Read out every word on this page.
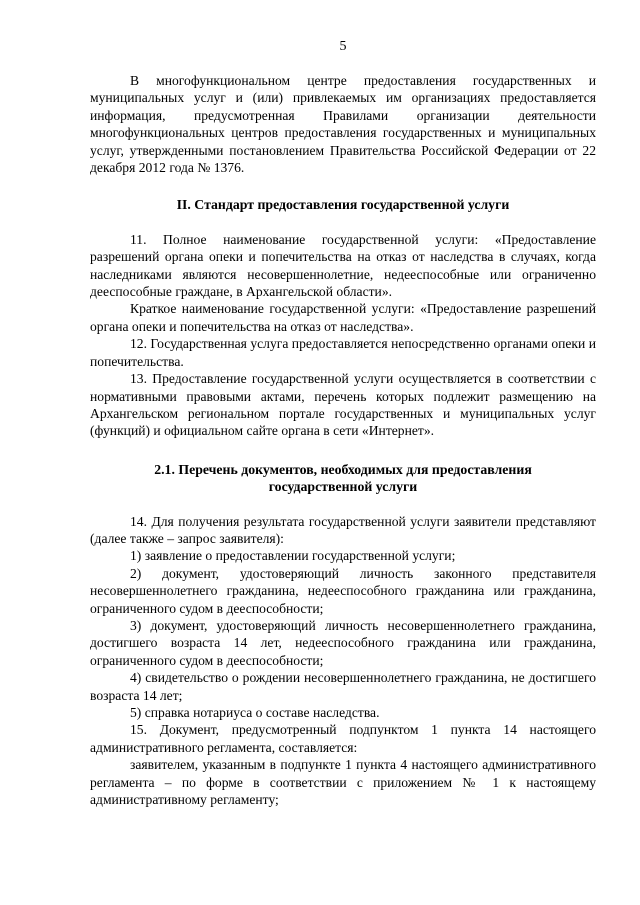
5

В многофункциональном центре предоставления государственных и муниципальных услуг и (или) привлекаемых им организациях предоставляется информация, предусмотренная Правилами организации деятельности многофункциональных центров предоставления государственных и муниципальных услуг, утвержденными постановлением Правительства Российской Федерации от 22 декабря 2012 года № 1376.

II. Стандарт предоставления государственной услуги

11. Полное наименование государственной услуги: «Предоставление разрешений органа опеки и попечительства на отказ от наследства в случаях, когда наследниками являются несовершеннолетние, недееспособные или ограниченно дееспособные граждане, в Архангельской области».

Краткое наименование государственной услуги: «Предоставление разрешений органа опеки и попечительства на отказ от наследства».

12. Государственная услуга предоставляется непосредственно органами опеки и попечительства.

13. Предоставление государственной услуги осуществляется в соответствии с нормативными правовыми актами, перечень которых подлежит размещению на Архангельском региональном портале государственных и муниципальных услуг (функций) и официальном сайте органа в сети «Интернет».

2.1. Перечень документов, необходимых для предоставления
государственной услуги

14. Для получения результата государственной услуги заявители представляют (далее также – запрос заявителя):

1) заявление о предоставлении государственной услуги;

2) документ, удостоверяющий личность законного представителя несовершеннолетнего гражданина, недееспособного гражданина или гражданина, ограниченного судом в дееспособности;

3) документ, удостоверяющий личность несовершеннолетнего гражданина, достигшего возраста 14 лет, недееспособного гражданина или гражданина, ограниченного судом в дееспособности;

4) свидетельство о рождении несовершеннолетнего гражданина, не достигшего возраста 14 лет;

5) справка нотариуса о составе наследства.

15. Документ, предусмотренный подпунктом 1 пункта 14 настоящего административного регламента, составляется:

заявителем, указанным в подпункте 1 пункта 4 настоящего административного регламента – по форме в соответствии с приложением № 1 к настоящему административному регламенту;
